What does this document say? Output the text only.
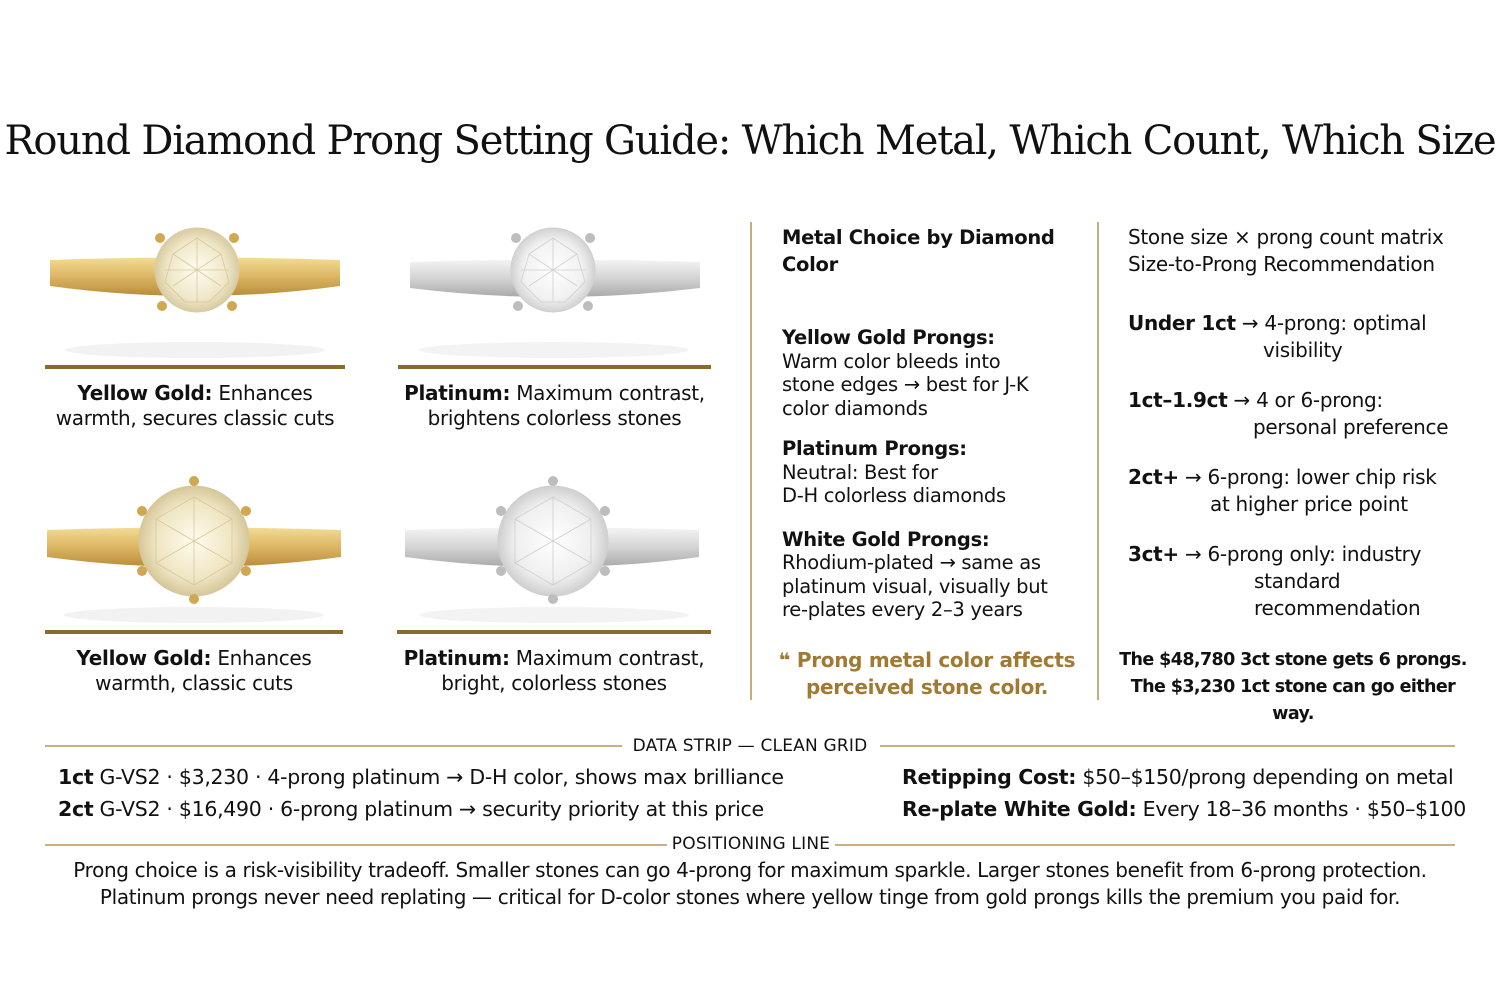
Round Diamond Prong Setting Guide: Which Metal, Which Count, Which Size
Yellow Gold: Enhances
warmth, secures classic cuts
Platinum: Maximum contrast,
brightens colorless stones
Yellow Gold: Enhances
warmth, classic cuts
Platinum: Maximum contrast,
bright, colorless stones
Metal Choice by Diamond
Color
Yellow Gold Prongs:
Warm color bleeds into
stone edges → best for J-K
color diamonds
Platinum Prongs:
Neutral: Best for
D-H colorless diamonds
White Gold Prongs:
Rhodium-plated → same as
platinum visual, visually but
re-plates every 2–3 years
❝ Prong metal color affects
perceived stone color.
Stone size × prong count matrix
Size-to-Prong Recommendation
Under 1ct → 4-prong: optimal
visibility
1ct–1.9ct → 4 or 6-prong:
personal preference
2ct+ → 6-prong: lower chip risk
at higher price point
3ct+ → 6-prong only: industry
standard
recommendation
The $48,780 3ct stone gets 6 prongs.
The $3,230 1ct stone can go either way.
DATA STRIP — CLEAN GRID
1ct G-VS2 · $3,230 · 4-prong platinum → D-H color, shows max brilliance
2ct G-VS2 · $16,490 · 6-prong platinum → security priority at this price
Retipping Cost: $50–$150/prong depending on metal
Re-plate White Gold: Every 18–36 months · $50–$100
POSITIONING LINE
Prong choice is a risk-visibility tradeoff. Smaller stones can go 4-prong for maximum sparkle. Larger stones benefit from 6-prong protection.
Platinum prongs never need replating — critical for D-color stones where yellow tinge from gold prongs kills the premium you paid for.
